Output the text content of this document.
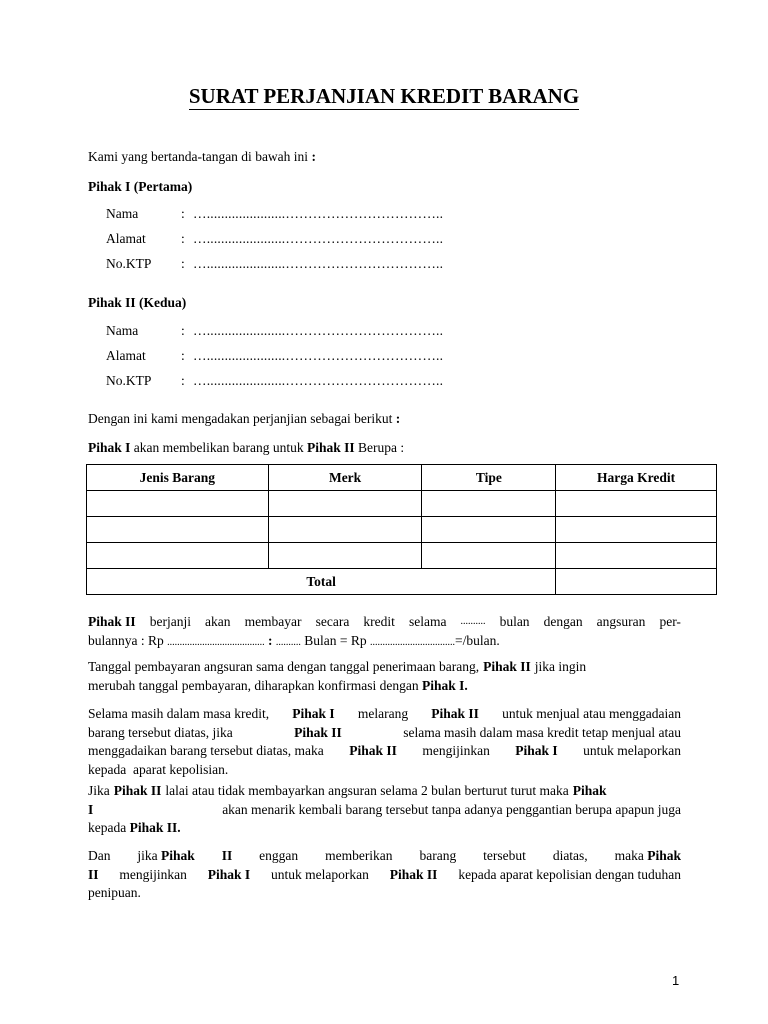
SURAT PERJANJIAN KREDIT BARANG
Kami yang bertanda-tangan di bawah ini :
Pihak I (Pertama)
Nama	: …......................……………………………..
Alamat	: …......................……………………………..
No.KTP : …......................……………………………..
Pihak II (Kedua)
Nama	: …......................……………………………..
Alamat	: …......................……………………………..
No.KTP : …......................……………………………..
Dengan ini kami mengadakan perjanjian sebagai berikut :
Pihak I akan membelikan barang untuk Pihak II Berupa :
Jenis Barang	Merk	Tipe	Harga Kredit

Total			
Pihak II berjanji akan membayar secara kredit selama .......... bulan dengan angsuran per-
bulannya : Rp ....................................... : .......... Bulan = Rp ..................................=/bulan.
Tanggal pembayaran angsuran sama dengan tanggal penerimaan barang, Pihak II jika ingin
merubah tanggal pembayaran, diharapkan konfirmasi dengan Pihak I.
Selama masih dalam masa kredit, Pihak I melarang Pihak II untuk menjual atau menggadaian
barang tersebut diatas, jika	Pihak II	selama masih dalam masa kredit tetap menjual atau
menggadaikan barang tersebut diatas, maka Pihak II mengijinkan Pihak I untuk melaporkan
kepada  aparat kepolisian.
Jika Pihak II lalai atau tidak membayarkan angsuran selama 2 bulan berturut turut maka Pihak
I	akan menarik kembali barang tersebut tanpa adanya penggantian berupa apapun juga
kepada Pihak II.
Dan jika Pihak II enggan memberikan barang tersebut diatas, maka Pihak
II mengijinkan Pihak I untuk melaporkan Pihak II kepada aparat kepolisian dengan tuduhan
penipuan.
1
